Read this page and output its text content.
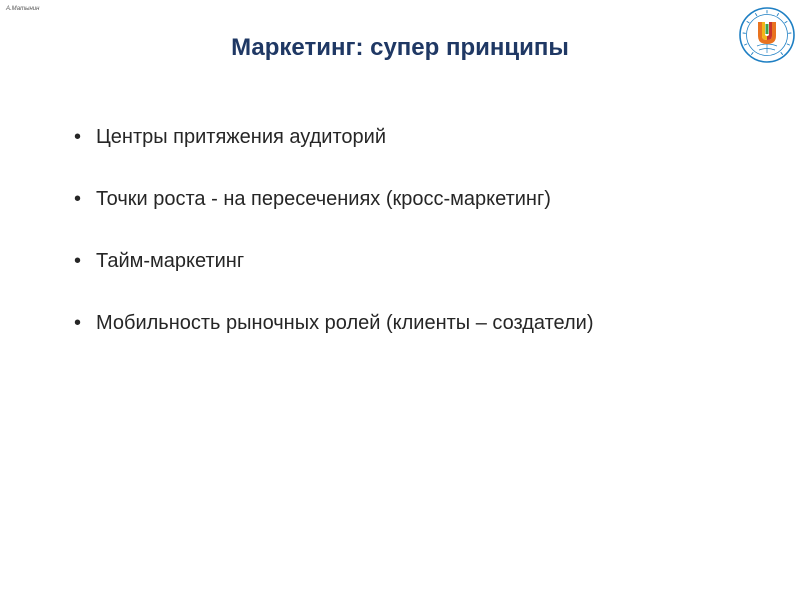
А.Матынин
Маркетинг: супер принципы
• Центры притяжения аудиторий
• Точки роста - на пересечениях (кросс-маркетинг)
• Тайм-маркетинг
• Мобильность рыночных ролей (клиенты – создатели)
